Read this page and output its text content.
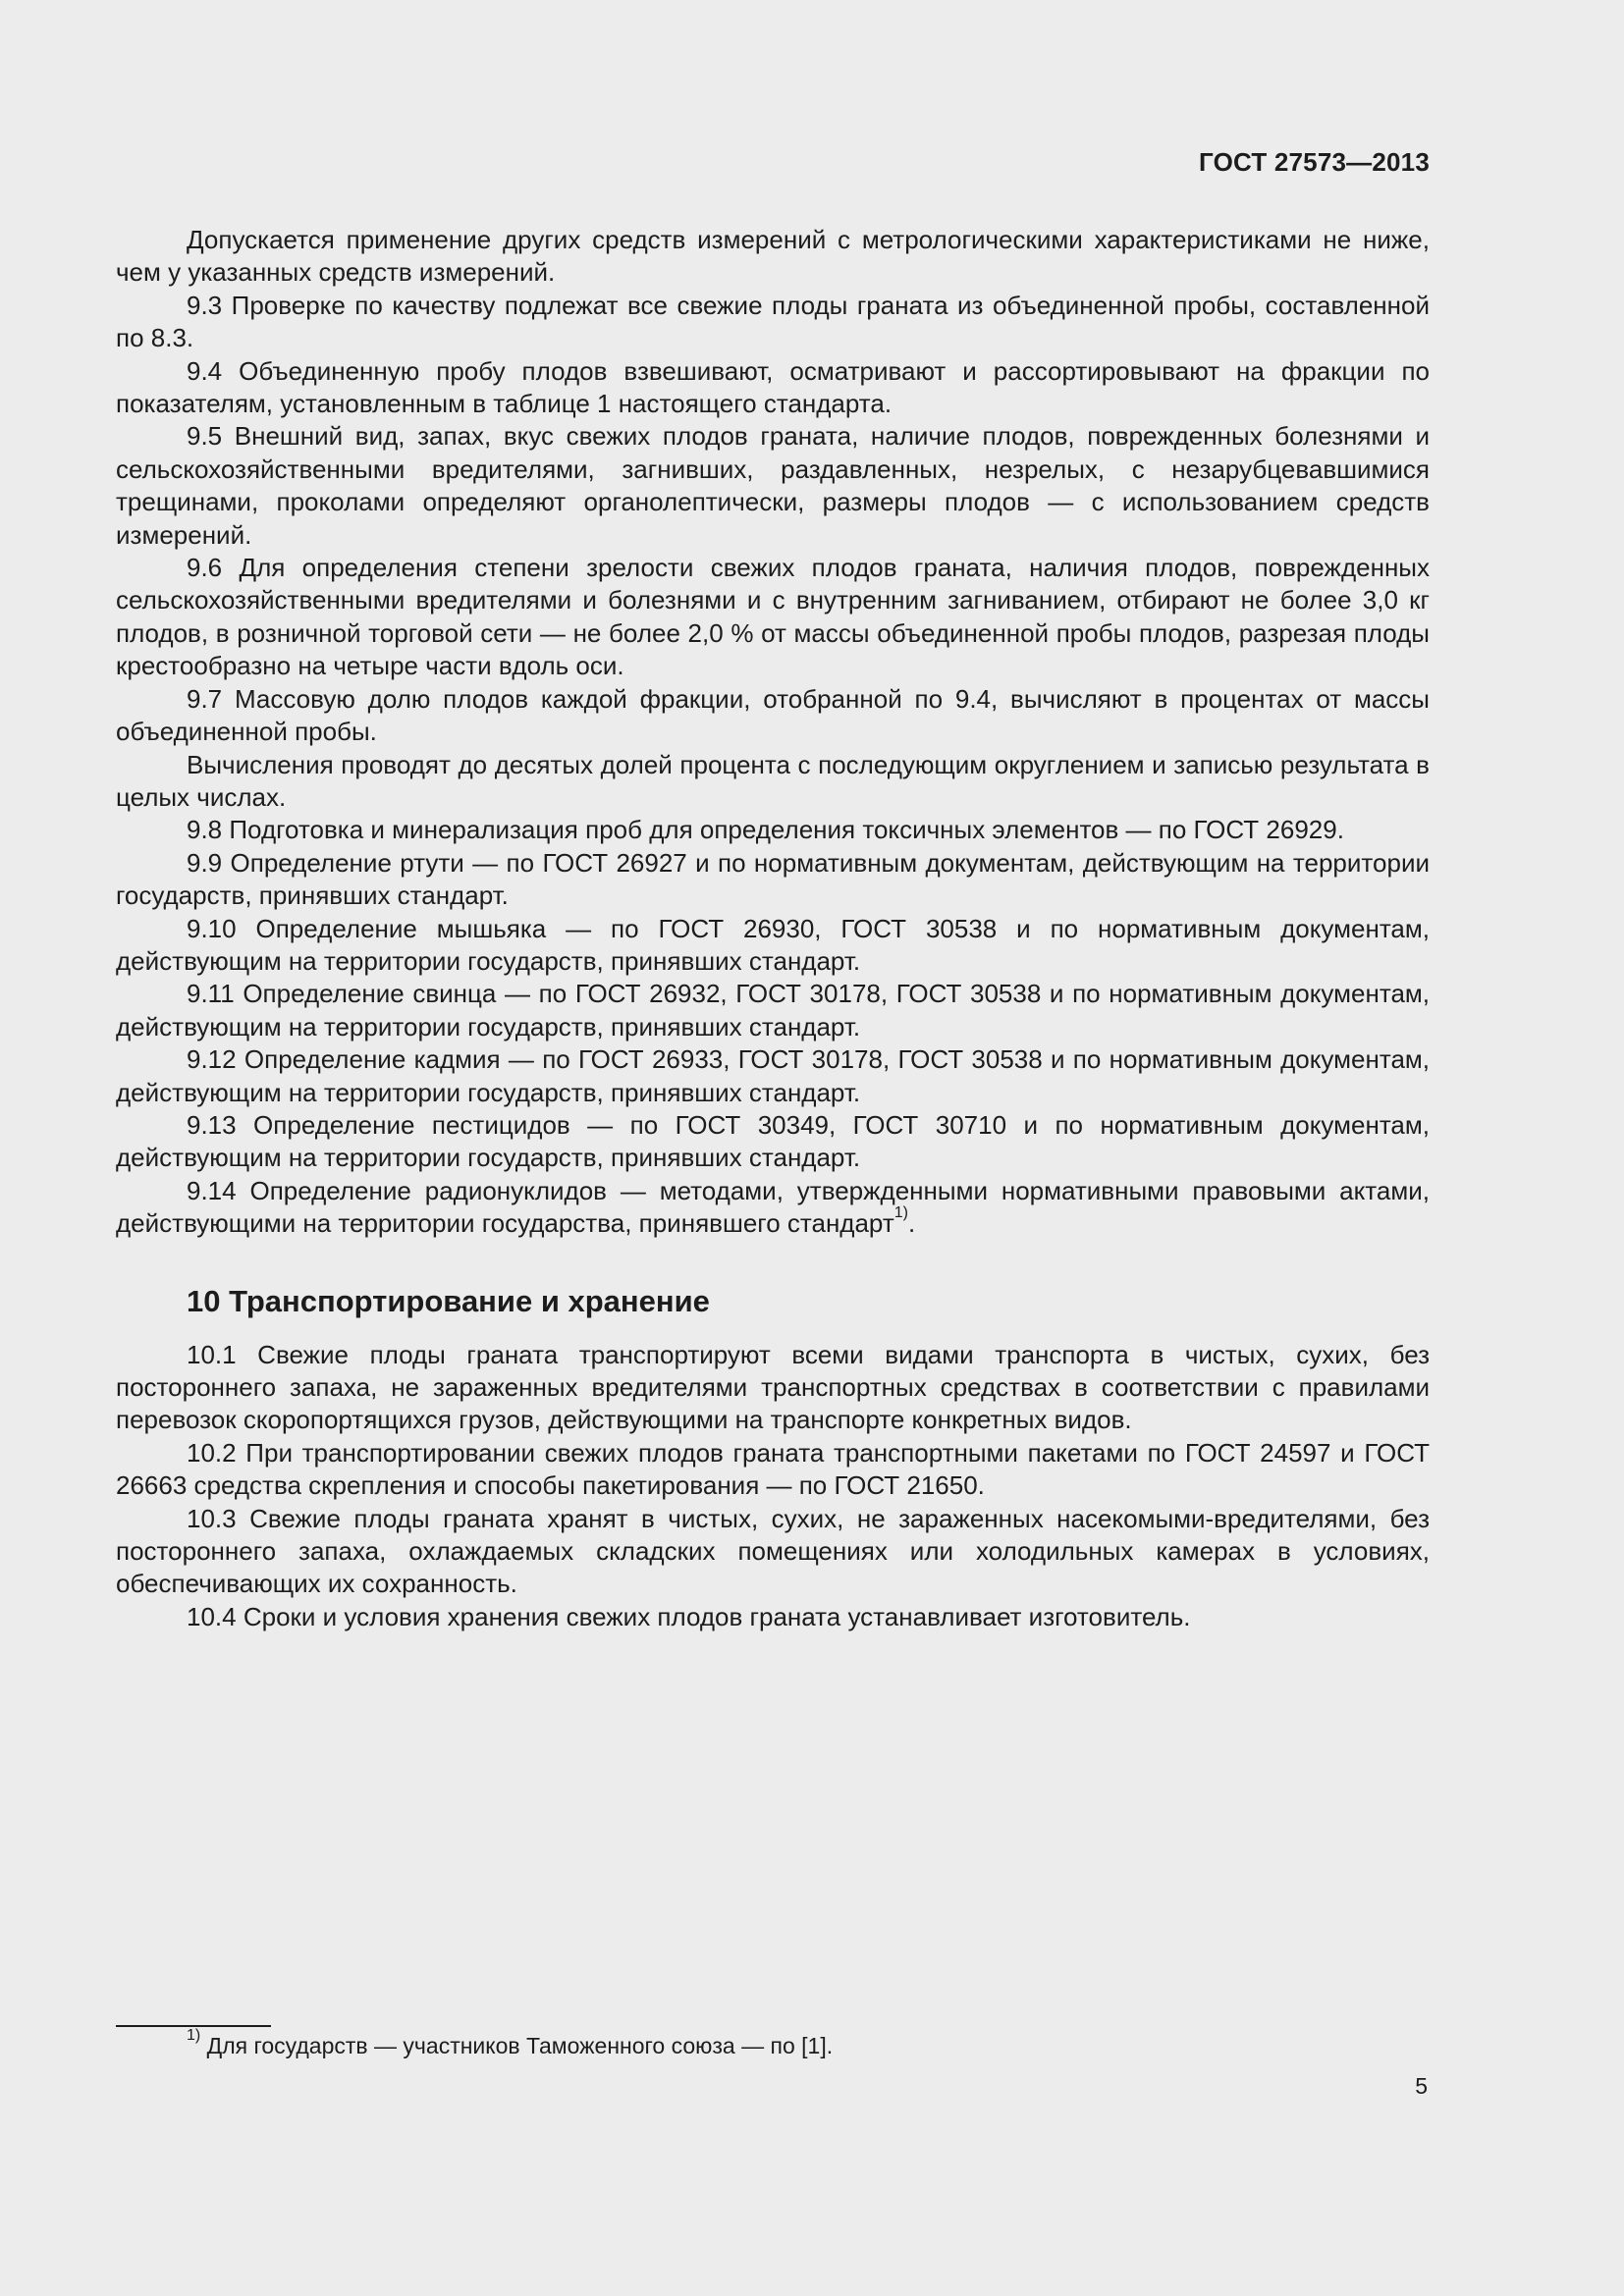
ГОСТ 27573—2013

Допускается применение других средств измерений с метрологическими характеристиками не ниже, чем у указанных средств измерений.

9.3 Проверке по качеству подлежат все свежие плоды граната из объединенной пробы, составленной по 8.3.

9.4 Объединенную пробу плодов взвешивают, осматривают и рассортировывают на фракции по показателям, установленным в таблице 1 настоящего стандарта.

9.5 Внешний вид, запах, вкус свежих плодов граната, наличие плодов, поврежденных болезнями и сельскохозяйственными вредителями, загнивших, раздавленных, незрелых, с незарубцевавшимися трещинами, проколами определяют органолептически, размеры плодов — с использованием средств измерений.

9.6 Для определения степени зрелости свежих плодов граната, наличия плодов, поврежденных сельскохозяйственными вредителями и болезнями и с внутренним загниванием, отбирают не более 3,0 кг плодов, в розничной торговой сети — не более 2,0 % от массы объединенной пробы плодов, разрезая плоды крестообразно на четыре части вдоль оси.

9.7 Массовую долю плодов каждой фракции, отобранной по 9.4, вычисляют в процентах от массы объединенной пробы.

Вычисления проводят до десятых долей процента с последующим округлением и записью результата в целых числах.

9.8 Подготовка и минерализация проб для определения токсичных элементов — по ГОСТ 26929.

9.9 Определение ртути — по ГОСТ 26927 и по нормативным документам, действующим на территории государств, принявших стандарт.

9.10 Определение мышьяка — по ГОСТ 26930, ГОСТ 30538 и по нормативным документам, действующим на территории государств, принявших стандарт.

9.11 Определение свинца — по ГОСТ 26932, ГОСТ 30178, ГОСТ 30538 и по нормативным документам, действующим на территории государств, принявших стандарт.

9.12 Определение кадмия — по ГОСТ 26933, ГОСТ 30178, ГОСТ 30538 и по нормативным документам, действующим на территории государств, принявших стандарт.

9.13 Определение пестицидов — по ГОСТ 30349, ГОСТ 30710 и по нормативным документам, действующим на территории государств, принявших стандарт.

9.14 Определение радионуклидов — методами, утвержденными нормативными правовыми актами, действующими на территории государства, принявшего стандарт$^{1)}$.

10 Транспортирование и хранение

10.1 Свежие плоды граната транспортируют всеми видами транспорта в чистых, сухих, без постороннего запаха, не зараженных вредителями транспортных средствах в соответствии с правилами перевозок скоропортящихся грузов, действующими на транспорте конкретных видов.

10.2 При транспортировании свежих плодов граната транспортными пакетами по ГОСТ 24597 и ГОСТ 26663 средства скрепления и способы пакетирования — по ГОСТ 21650.

10.3 Свежие плоды граната хранят в чистых, сухих, не зараженных насекомыми-вредителями, без постороннего запаха, охлаждаемых складских помещениях или холодильных камерах в условиях, обеспечивающих их сохранность.

10.4 Сроки и условия хранения свежих плодов граната устанавливает изготовитель.

$^{1)}$ Для государств — участников Таможенного союза — по [1].
5
